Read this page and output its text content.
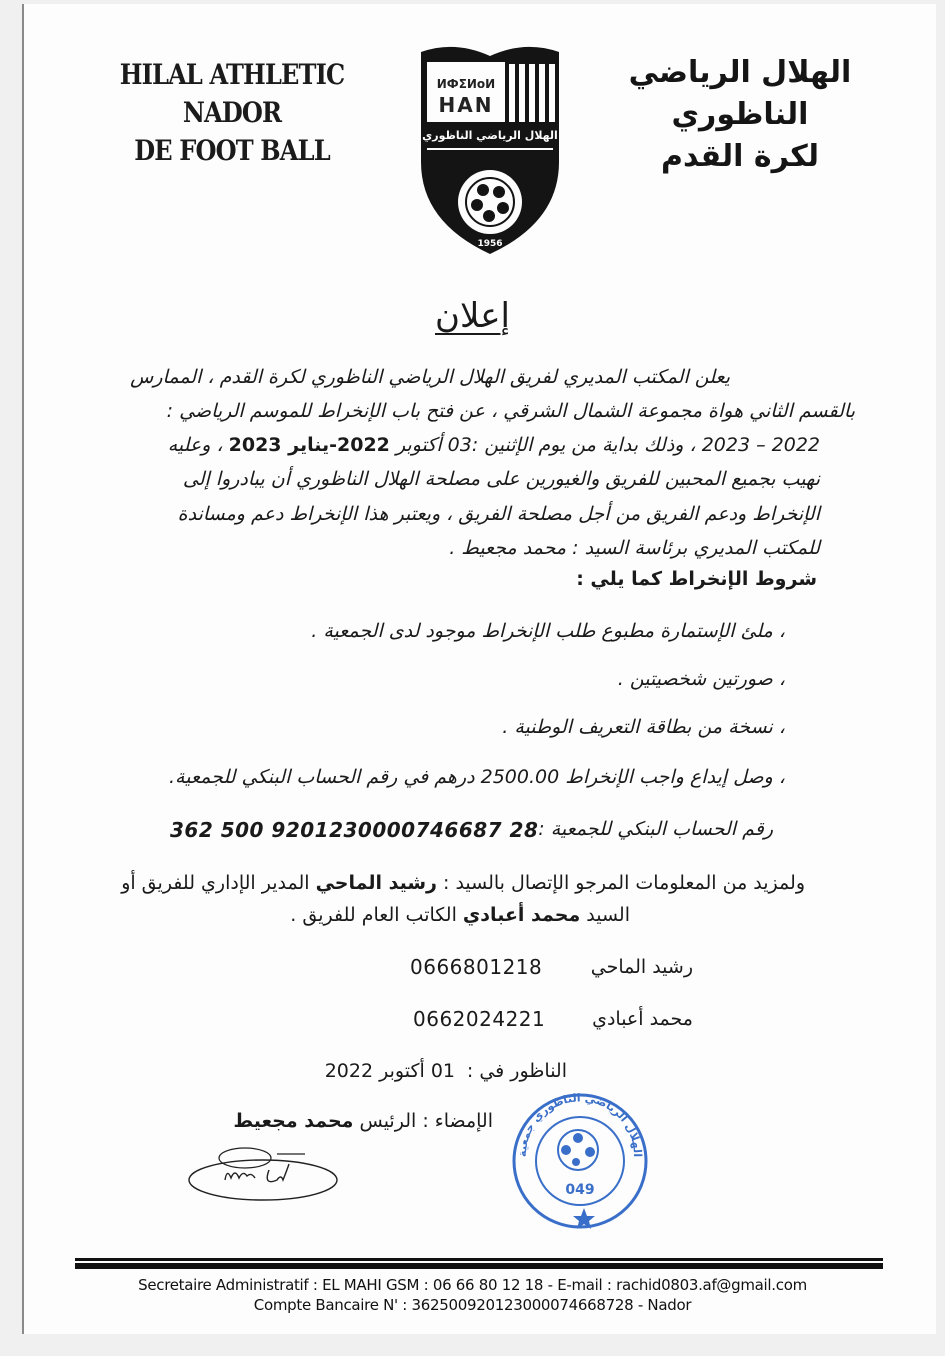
HILAL ATHLETIC NADOR
DE FOOT BALL
ИФΣИoИ
HAN
الهلال الرياضي الناظوري
1956
الهلال الرياضي الناظوري
لكرة القدم
إعلان
يعلن المكتب المديري لفريق الهلال الرياضي الناظوري لكرة القدم ، الممارس
بالقسم الثاني هواة مجموعة الشمال الشرقي ، عن فتح باب الإنخراط للموسم الرياضي :
2022 – 2023 ، وذلك بداية من يوم الإثنين :03 أكتوبر 2022-يناير 2023 ، وعليه
نهيب بجميع المحبين للفريق والغيورين على مصلحة الهلال الناظوري أن يبادروا إلى
الإنخراط ودعم الفريق من أجل مصلحة الفريق ، ويعتبر هذا الإنخراط دعم ومساندة
للمكتب المديري برئاسة السيد : محمد مجعيط .
شروط الإنخراط كما يلي :
، ملئ الإستمارة مطبوع طلب الإنخراط موجود لدى الجمعية .
، صورتين شخصيتين .
، نسخة من بطاقة التعريف الوطنية .
، وصل إيداع واجب الإنخراط 2500.00 درهم في رقم الحساب البنكي للجمعية.
رقم الحساب البنكي للجمعية :
362 500 9201230000746687 28
ولمزيد من المعلومات المرجو الإتصال بالسيد : رشيد الماحي المدير الإداري للفريق أو
السيد محمد أعبادي الكاتب العام للفريق .
رشيد الماحي
0666801218
محمد أعبادي
0662024221
الناظور في :
01 أكتوبر 2022
الإمضاء : الرئيس محمد مجعيط
الهلال الرياضي الناظوري جمعية
049
Secretaire Administratif : EL MAHI GSM : 06 66 80 12 18 - E-mail : rachid0803.af@gmail.com
Compte Bancaire N' : 36250092012300007466872​8 - Nador
